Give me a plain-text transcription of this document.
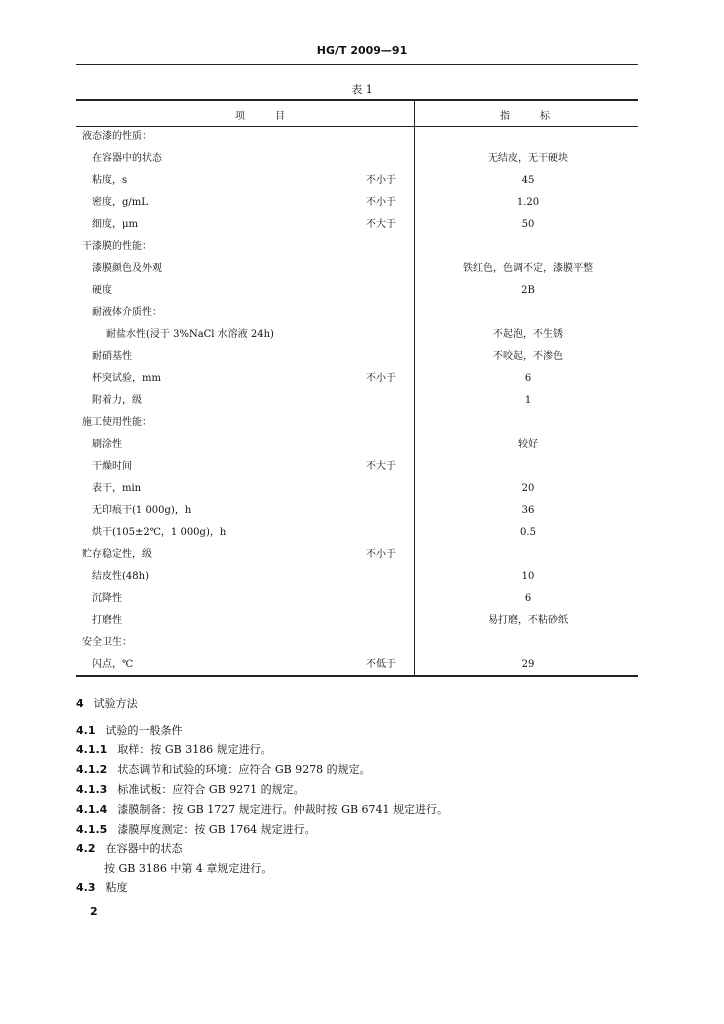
HG/T 2009—91
表 1
项　　　目	指　　　标
液态漆的性质：
在容器中的状态	无结皮，无干硬块
粘度，s	不小于	45
密度，g/mL	不小于	1.20
细度，μm	不大于	50
干漆膜的性能：
漆膜颜色及外观	铁红色，色调不定，漆膜平整
硬度	2B
耐液体介质性：
耐盐水性(浸于 3%NaCl 水溶液 24h)	不起泡，不生锈
耐硝基性	不咬起，不渗色
杯突试验，mm	不小于	6
附着力，级	1
施工使用性能：
刷涂性	较好
干燥时间	不大于
表干，min	20
无印痕干(1 000g)，h	36
烘干(105±2℃，1 000g)，h	0.5
贮存稳定性，级	不小于
结皮性(48h)	10
沉降性	6
打磨性	易打磨，不粘砂纸
安全卫生：
闪点，℃	不低于	29
4 试验方法
4.1 试验的一般条件
4.1.1 取样：按 GB 3186 规定进行。
4.1.2 状态调节和试验的环境：应符合 GB 9278 的规定。
4.1.3 标准试板：应符合 GB 9271 的规定。
4.1.4 漆膜制备：按 GB 1727 规定进行。仲裁时按 GB 6741 规定进行。
4.1.5 漆膜厚度测定：按 GB 1764 规定进行。
4.2 在容器中的状态
按 GB 3186 中第 4 章规定进行。
4.3 粘度
2
